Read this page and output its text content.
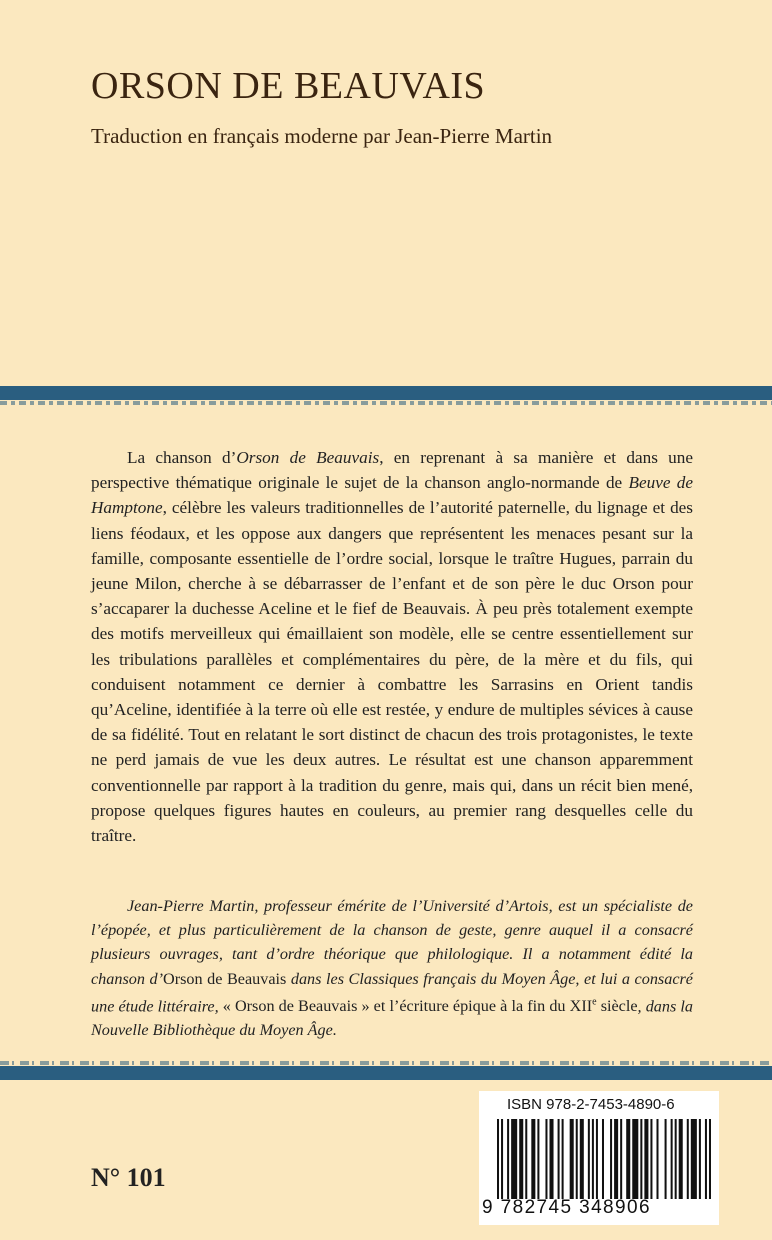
ORSON DE BEAUVAIS

Traduction en français moderne par Jean-Pierre Martin

La chanson d’Orson de Beauvais, en reprenant à sa manière et dans une perspective thématique originale le sujet de la chanson anglo-normande de Beuve de Hamptone, célèbre les valeurs traditionnelles de l’autorité paternelle, du lignage et des liens féodaux, et les oppose aux dangers que représentent les menaces pesant sur la famille, composante essentielle de l’ordre social, lorsque le traître Hugues, parrain du jeune Milon, cherche à se débarrasser de l’enfant et de son père le duc Orson pour s’accaparer la duchesse Aceline et le fief de Beauvais. À peu près totalement exempte des motifs merveilleux qui émaillaient son modèle, elle se centre essentiellement sur les tribulations parallèles et complémentaires du père, de la mère et du fils, qui conduisent notamment ce dernier à combattre les Sarrasins en Orient tandis qu’Aceline, identifiée à la terre où elle est restée, y endure de multiples sévices à cause de sa fidélité. Tout en relatant le sort distinct de chacun des trois protagonistes, le texte ne perd jamais de vue les deux autres. Le résultat est une chanson apparemment conventionnelle par rapport à la tradition du genre, mais qui, dans un récit bien mené, propose quelques figures hautes en couleurs, au premier rang desquelles celle du traître.

Jean-Pierre Martin, professeur émérite de l’Université d’Artois, est un spécialiste de l’épopée, et plus particulièrement de la chanson de geste, genre auquel il a consacré plusieurs ouvrages, tant d’ordre théorique que philologique. Il a notamment édité la chanson d’Orson de Beauvais dans les Classiques français du Moyen Âge, et lui a consacré une étude littéraire, « Orson de Beauvais » et l’écriture épique à la fin du XIIe siècle, dans la Nouvelle Bibliothèque du Moyen Âge.

N° 101
ISBN 978-2-7453-4890-6
9 782745 348906
